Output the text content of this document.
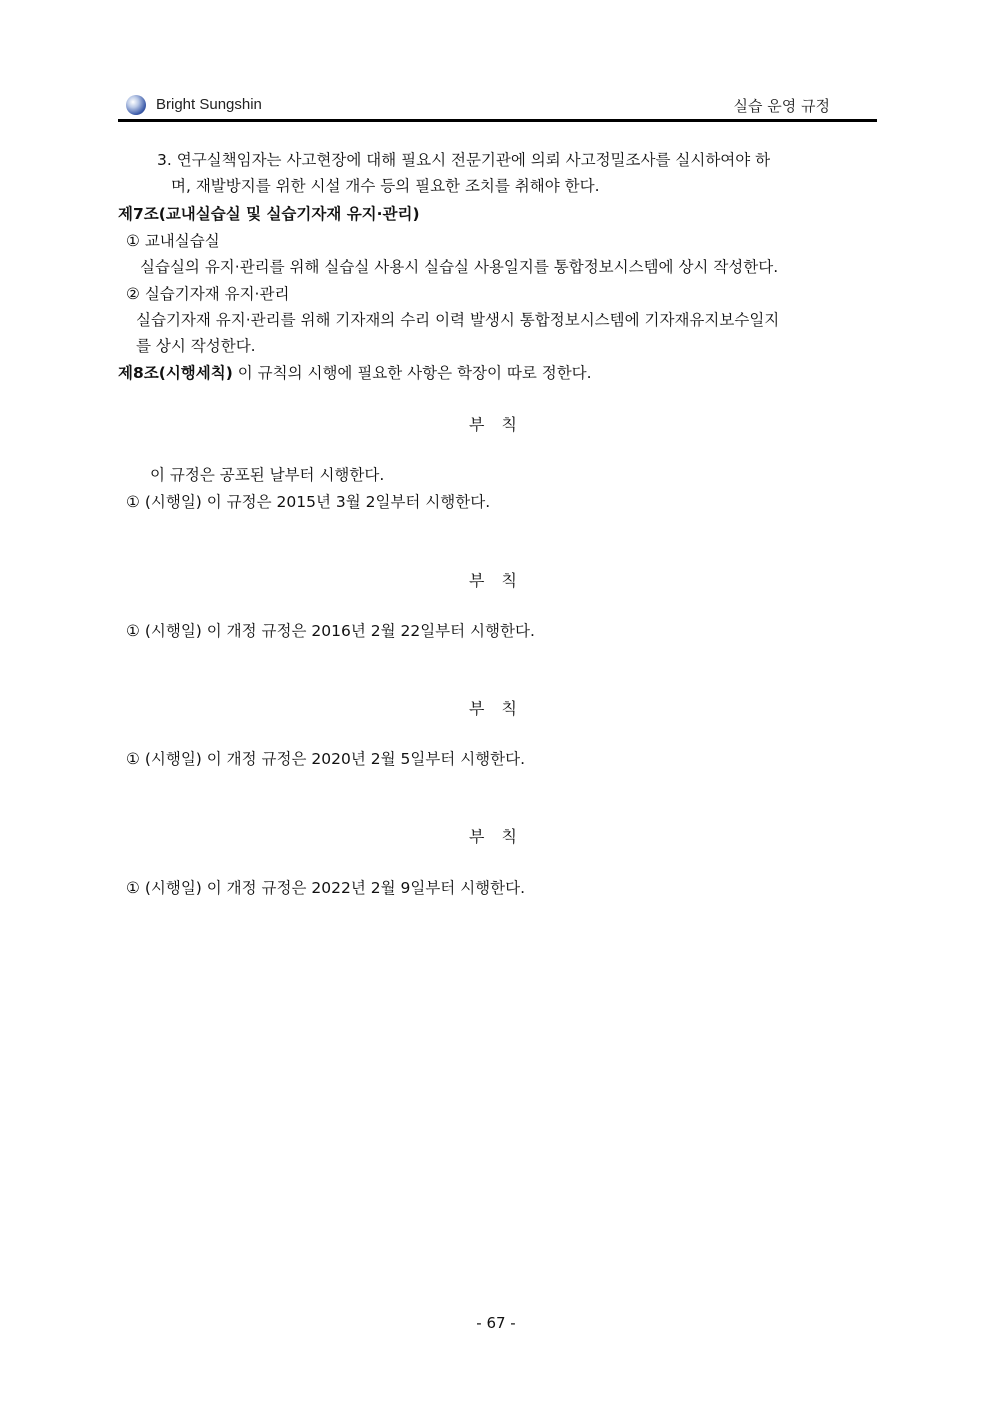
Bright Sungshin	실습 운영 규정
3. 연구실책임자는 사고현장에 대해 필요시 전문기관에 의뢰 사고정밀조사를 실시하여야 하
며, 재발방지를 위한 시설 개수 등의 필요한 조치를 취해야 한다.
제7조(교내실습실 및 실습기자재 유지·관리)
① 교내실습실
실습실의 유지·관리를 위해 실습실 사용시 실습실 사용일지를 통합정보시스템에 상시 작성한다.
② 실습기자재 유지·관리
실습기자재 유지·관리를 위해 기자재의 수리 이력 발생시 통합정보시스템에 기자재유지보수일지
를 상시 작성한다.
제8조(시행세칙) 이 규칙의 시행에 필요한 사항은 학장이 따로 정한다.
부 칙
이 규정은 공포된 날부터 시행한다.
① (시행일) 이 규정은 2015년 3월 2일부터 시행한다.
부 칙
① (시행일) 이 개정 규정은 2016년 2월 22일부터 시행한다.
부 칙
① (시행일) 이 개정 규정은 2020년 2월 5일부터 시행한다.
부 칙
① (시행일) 이 개정 규정은 2022년 2월 9일부터 시행한다.
- 67 -
